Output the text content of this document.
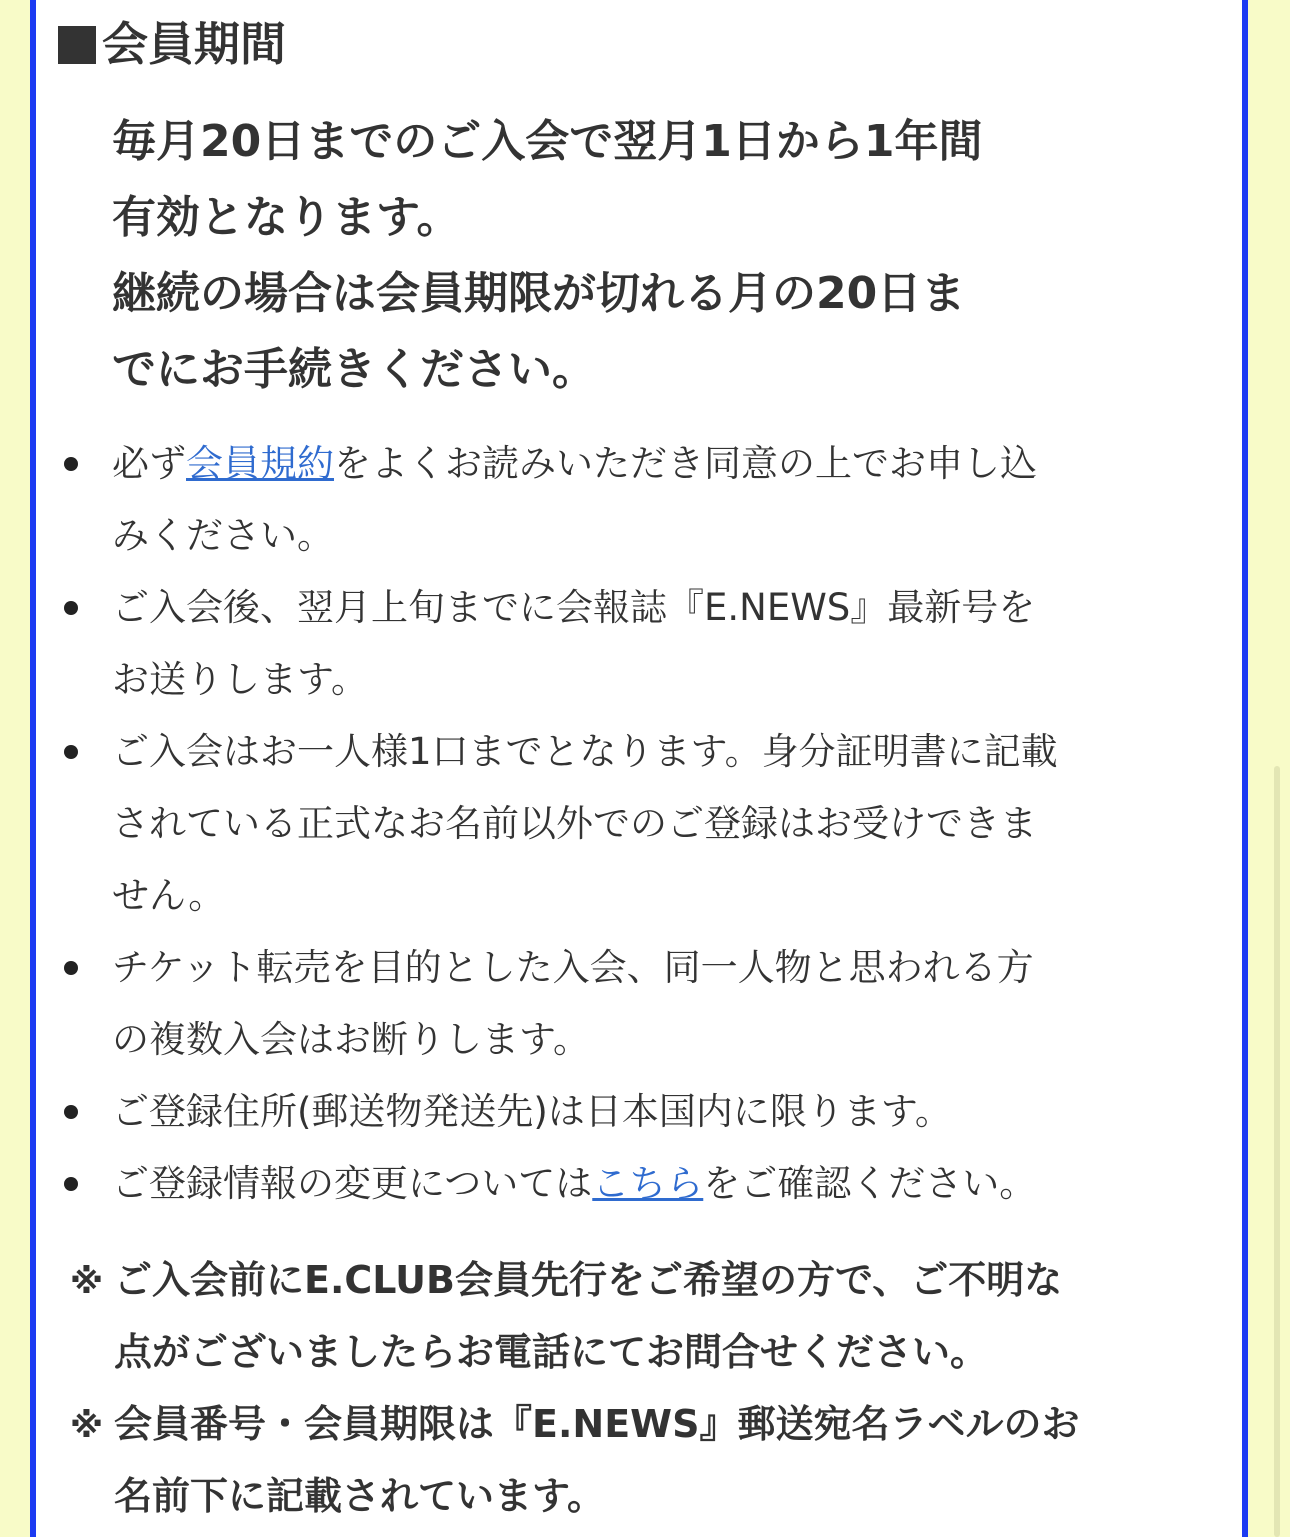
会員期間
毎月20日までのご入会で翌月1日から1年間
有効となります。
継続の場合は会員期限が切れる月の20日ま
でにお手続きください。
必ず会員規約をよくお読みいただき同意の上でお申し込
みください。
ご入会後、翌月上旬までに会報誌『E.NEWS』最新号を
お送りします。
ご入会はお一人様1口までとなります。身分証明書に記載
されている正式なお名前以外でのご登録はお受けできま
せん。
チケット転売を目的とした入会、同一人物と思われる方
の複数入会はお断りします。
ご登録住所(郵送物発送先)は日本国内に限ります。
ご登録情報の変更についてはこちらをご確認ください。
※ ご入会前にE.CLUB会員先行をご希望の方で、ご不明な
点がございましたらお電話にてお問合せください。
※ 会員番号・会員期限は『E.NEWS』郵送宛名ラベルのお
名前下に記載されています。
